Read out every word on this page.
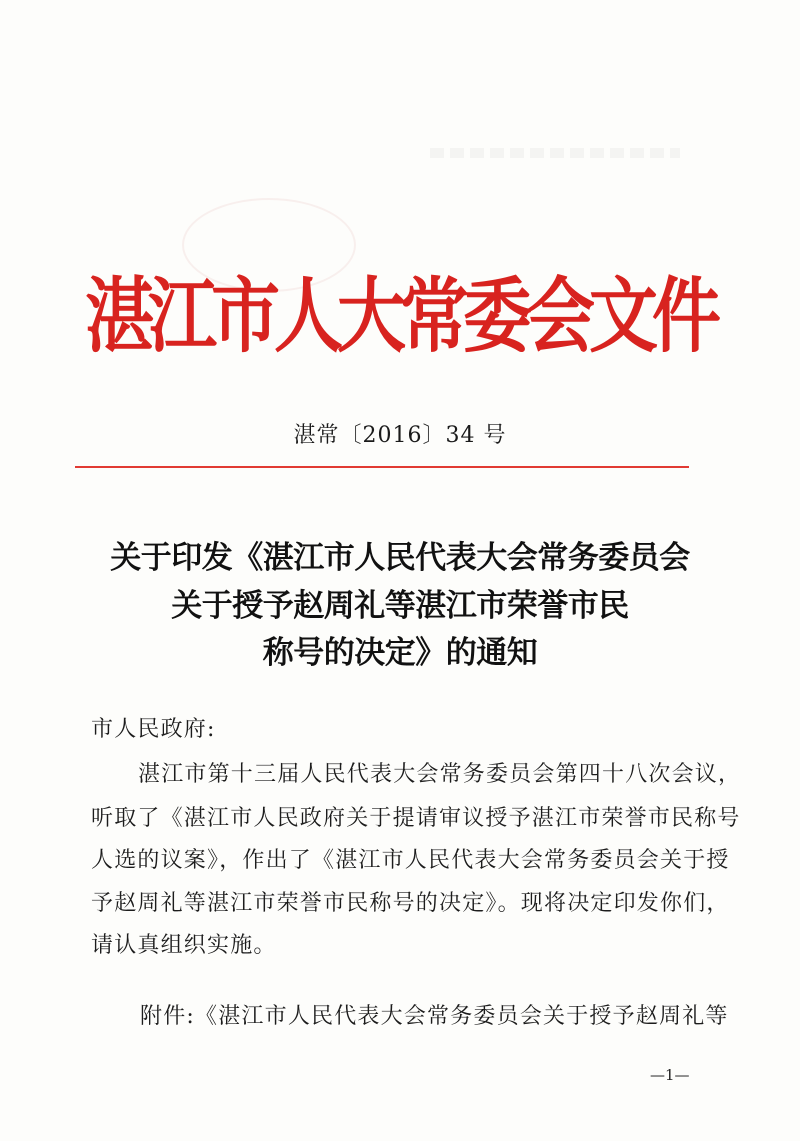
湛江市人大常委会文件
湛常〔2016〕34 号
关于印发《湛江市人民代表大会常务委员会
关于授予赵周礼等湛江市荣誉市民
称号的决定》的通知
市人民政府:
湛江市第十三届人民代表大会常务委员会第四十八次会议，
听取了《湛江市人民政府关于提请审议授予湛江市荣誉市民称号
人选的议案》，作出了《湛江市人民代表大会常务委员会关于授
予赵周礼等湛江市荣誉市民称号的决定》。现将决定印发你们，
请认真组织实施。
附件:《湛江市人民代表大会常务委员会关于授予赵周礼等
—1—
